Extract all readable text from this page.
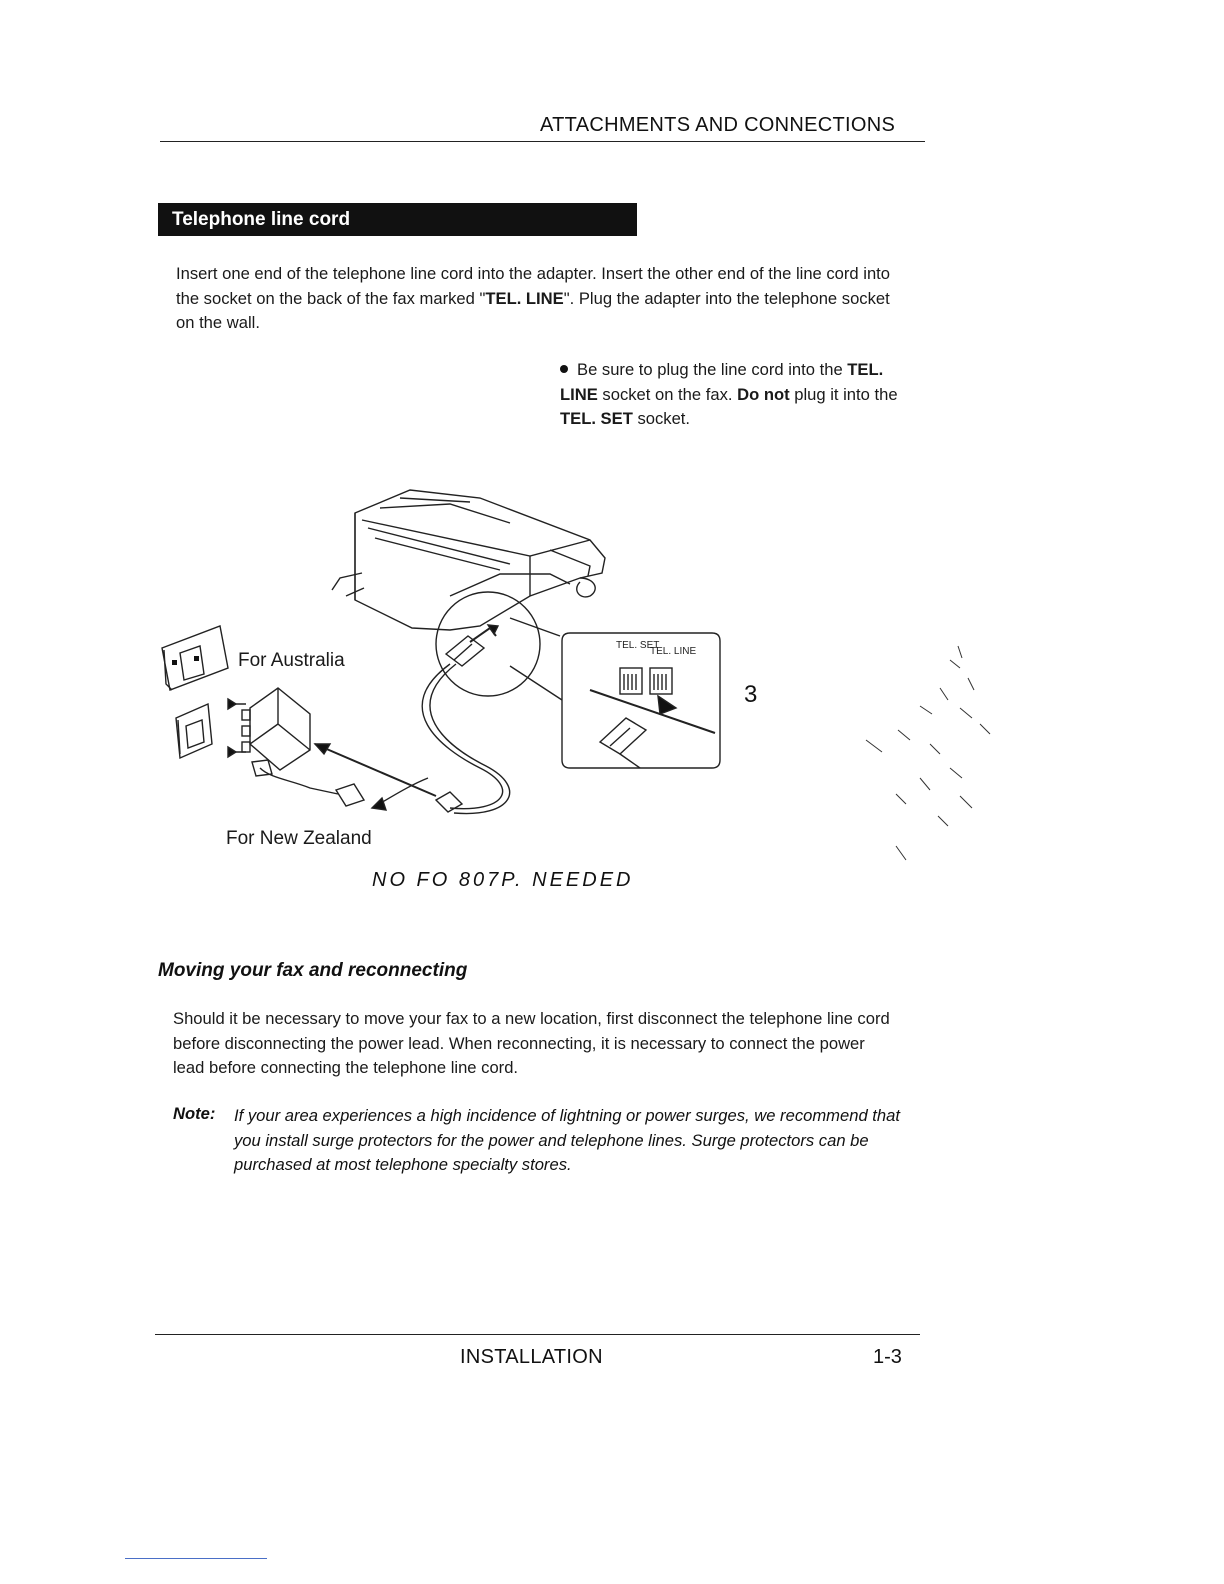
ATTACHMENTS AND CONNECTIONS
Telephone line cord
Insert one end of the telephone line cord into the adapter. Insert the other end of the line cord into the socket on the back of the fax marked "TEL. LINE". Plug the adapter into the telephone socket on the wall.
Be sure to plug the line cord into the TEL. LINE socket on the fax. Do not plug it into the TEL. SET socket.
For Australia
For New Zealand
TEL. SET
TEL. LINE
3
NO FO 807P. NEEDED
Moving your fax and reconnecting
Should it be necessary to move your fax to a new location, first disconnect the telephone line cord before disconnecting the power lead. When reconnecting, it is necessary to connect the power lead before connecting the telephone line cord.
Note: If your area experiences a high incidence of lightning or power surges, we recommend that you install surge protectors for the power and telephone lines. Surge protectors can be purchased at most telephone specialty stores.
INSTALLATION	1-3
